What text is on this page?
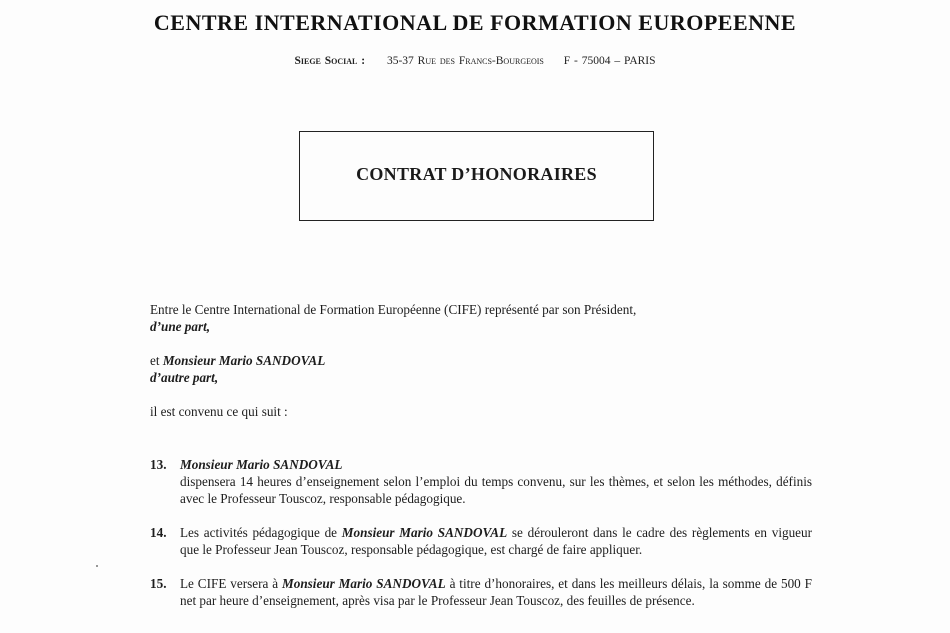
CENTRE INTERNATIONAL DE FORMATION EUROPEENNE
Siege Social : 35-37 Rue des Francs-Bourgeois F - 75004 – PARIS
CONTRAT D’HONORAIRES
Entre le Centre International de Formation Européenne (CIFE) représenté par son Président,
d’une part,
et Monsieur Mario SANDOVAL
d’autre part,
il est convenu ce qui suit :
13. Monsieur Mario SANDOVAL
dispensera 14 heures d’enseignement selon l’emploi du temps convenu, sur les thèmes, et selon les méthodes, définis avec le Professeur Touscoz, responsable pédagogique.
14. Les activités pédagogique de Monsieur Mario SANDOVAL se dérouleront dans le cadre des règlements en vigueur que le Professeur Jean Touscoz, responsable pédagogique, est chargé de faire appliquer.
15. Le CIFE versera à Monsieur Mario SANDOVAL à titre d’honoraires, et dans les meilleurs délais, la somme de 500 F net par heure d’enseignement, après visa par le Professeur Jean Touscoz, des feuilles de présence.
